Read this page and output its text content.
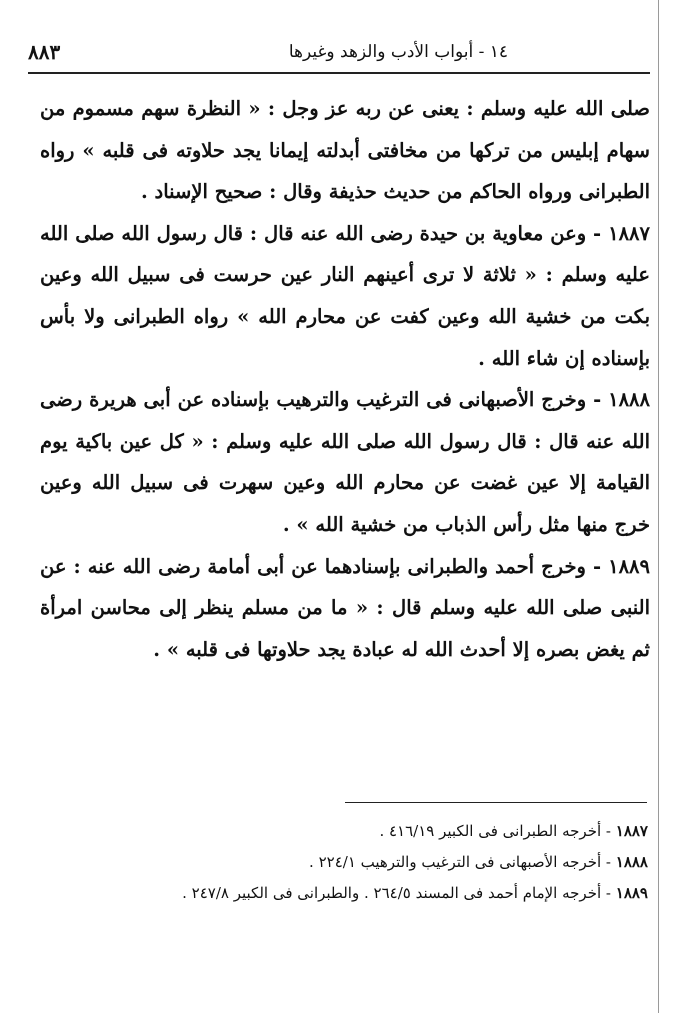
١٤ - أبواب الأدب والزهد وغيرها
٨٨٣

صلى الله عليه وسلم : يعنى عن ربه عز وجل : « النظرة سهم مسموم من سهام إبليس من تركها من مخافتى أبدلته إيمانا يجد حلاوته فى قلبه » رواه الطبرانى ورواه الحاكم من حديث حذيفة وقال : صحيح الإسناد .

١٨٨٧ - وعن معاوية بن حيدة رضى الله عنه قال : قال رسول الله صلى الله عليه وسلم : « ثلاثة لا ترى أعينهم النار عين حرست فى سبيل الله وعين بكت من خشية الله وعين كفت عن محارم الله » رواه الطبرانى ولا بأس بإسناده إن شاء الله .

١٨٨٨ - وخرج الأصبهانى فى الترغيب والترهيب بإسناده عن أبى هريرة رضى الله عنه قال : قال رسول الله صلى الله عليه وسلم : « كل عين باكية يوم القيامة إلا عين غضت عن محارم الله وعين سهرت فى سبيل الله وعين خرج منها مثل رأس الذباب من خشية الله » .

١٨٨٩ - وخرج أحمد والطبرانى بإسنادهما عن أبى أمامة رضى الله عنه : عن النبى صلى الله عليه وسلم قال : « ما من مسلم ينظر إلى محاسن امرأة ثم يغض بصره إلا أحدث الله له عبادة يجد حلاوتها فى قلبه » .

١٨٨٧ - أخرجه الطبرانى فى الكبير ٤١٦/١٩ .

١٨٨٨ - أخرجه الأصبهانى فى الترغيب والترهيب ٢٢٤/١ .

١٨٨٩ - أخرجه الإمام أحمد فى المسند ٢٦٤/٥ . والطبرانى فى الكبير ٢٤٧/٨ .
